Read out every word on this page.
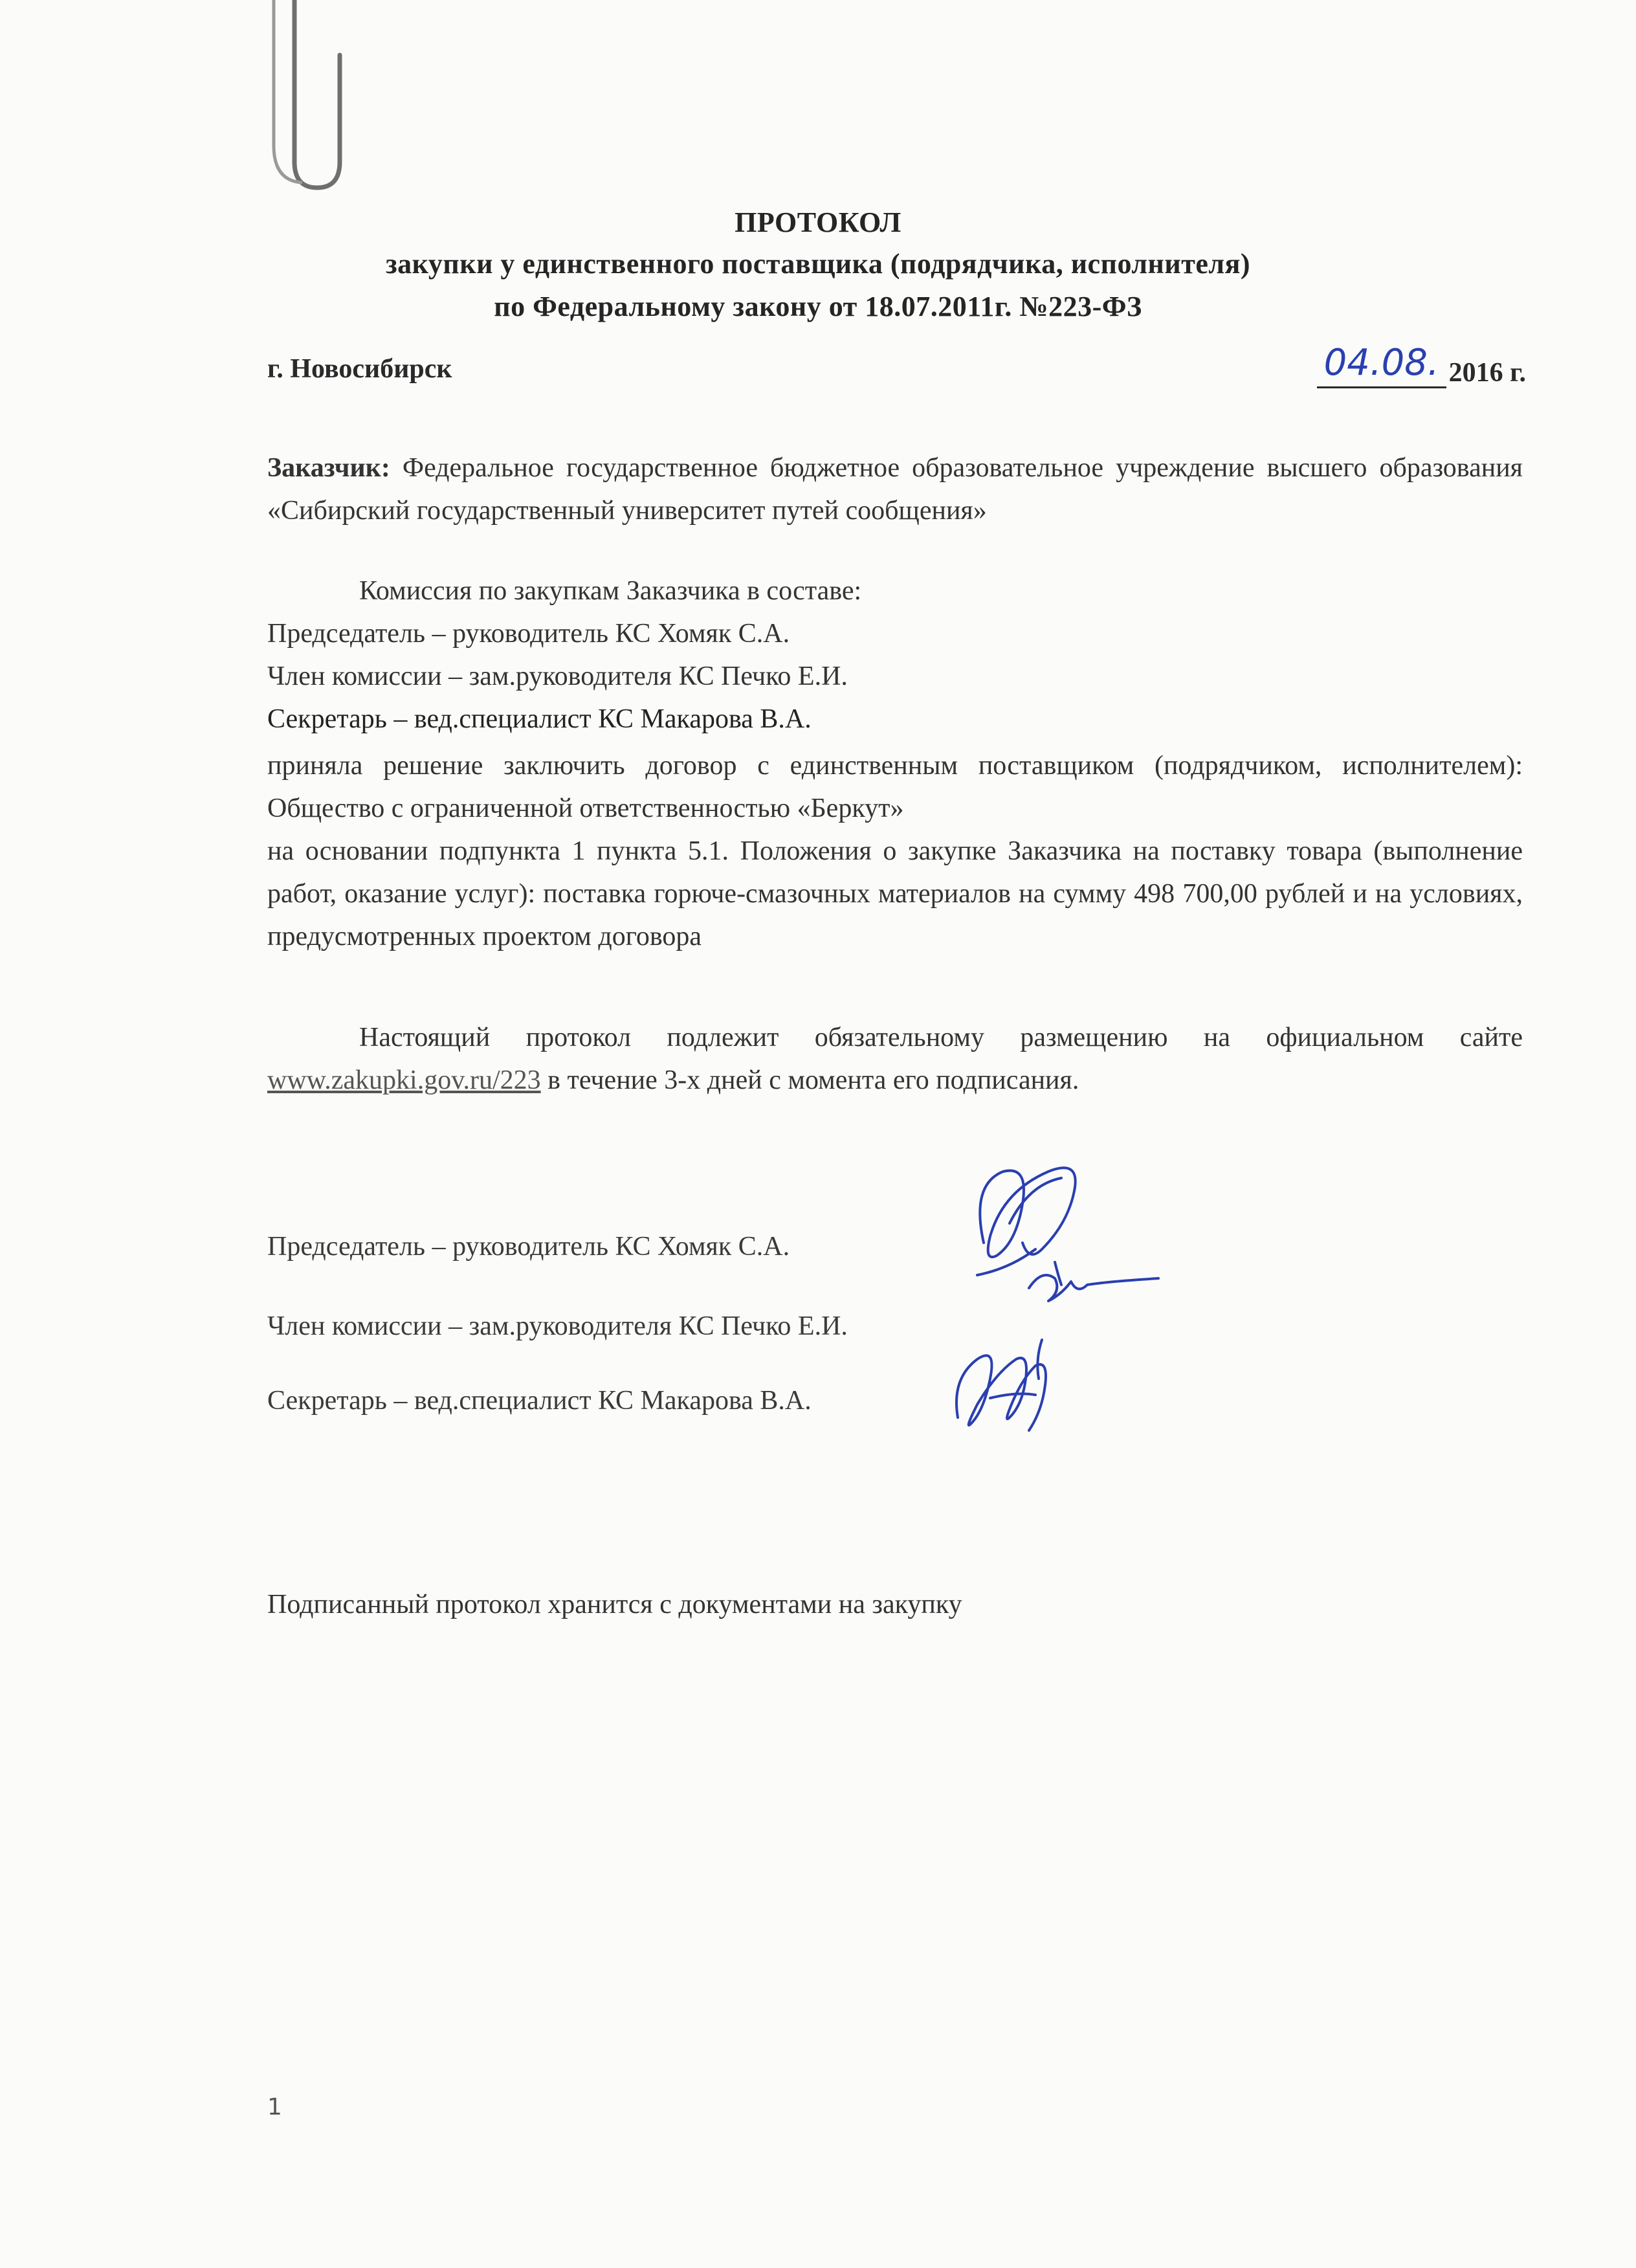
ПРОТОКОЛ
закупки у единственного поставщика (подрядчика, исполнителя)
по Федеральному закону от 18.07.2011г. №223-ФЗ
г. Новосибирск	04.08. 2016 г.
Заказчик: Федеральное государственное бюджетное образовательное учреждение высшего образования «Сибирский государственный университет путей сообщения»
Комиссия по закупкам Заказчика в составе:
Председатель – руководитель КС Хомяк С.А.
Член комиссии – зам.руководителя КС Печко Е.И.
Секретарь – вед.специалист КС Макарова В.А.
приняла решение заключить договор с единственным поставщиком (подрядчиком, исполнителем): Общество с ограниченной ответственностью «Беркут»
на основании подпункта 1 пункта 5.1. Положения о закупке Заказчика на поставку товара (выполнение работ, оказание услуг): поставка горюче-смазочных материалов на сумму 498 700,00 рублей и на условиях, предусмотренных проектом договора
Настоящий протокол подлежит обязательному размещению на официальном сайте www.zakupki.gov.ru/223 в течение 3-х дней с момента его подписания.
Председатель – руководитель КС Хомяк С.А.
Член комиссии – зам.руководителя КС Печко Е.И.
Секретарь – вед.специалист КС Макарова В.А.
Подписанный протокол хранится с документами на закупку
1
